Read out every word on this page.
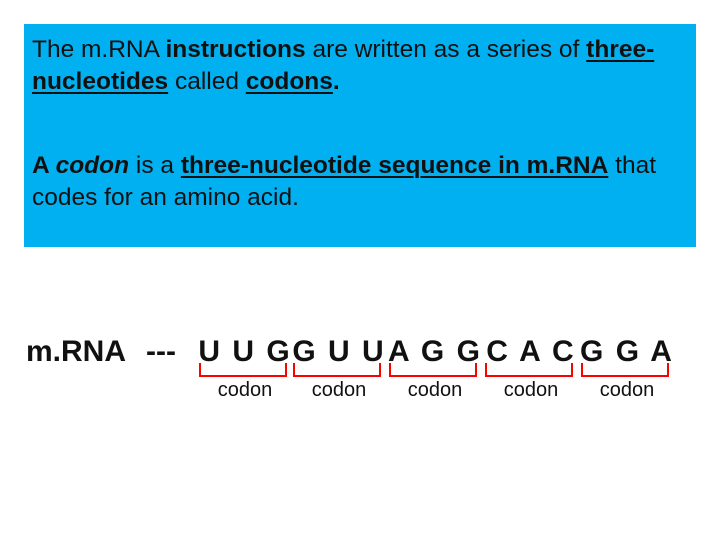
The m.RNA instructions are written as a series of three-nucleotides called codons.

A codon is a three-nucleotide sequence in m.RNA that codes for an amino acid.

m.RNA --- U U G
codon
G U U
codon
A G G
codon
C A C
codon
G G A
codon
